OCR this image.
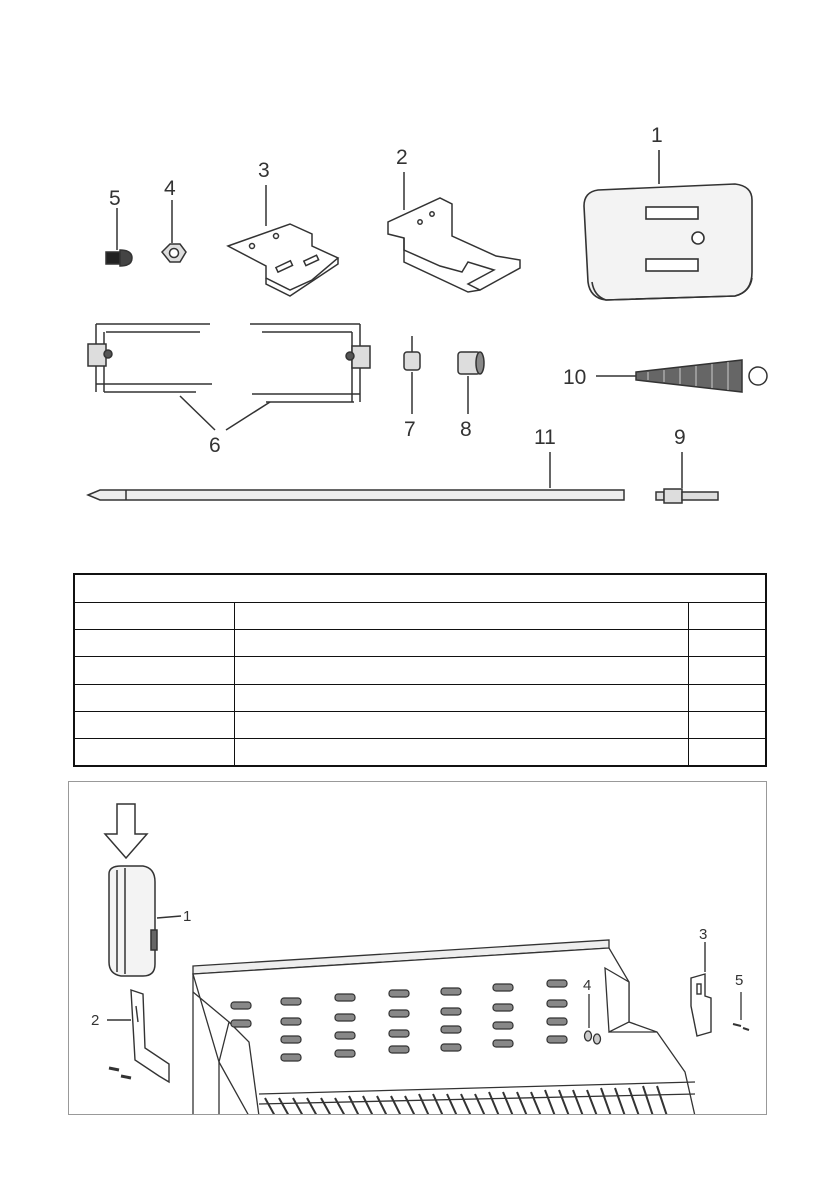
1
2
3
4
5
6
7 8
10
11	9

1
2
4
3
5
